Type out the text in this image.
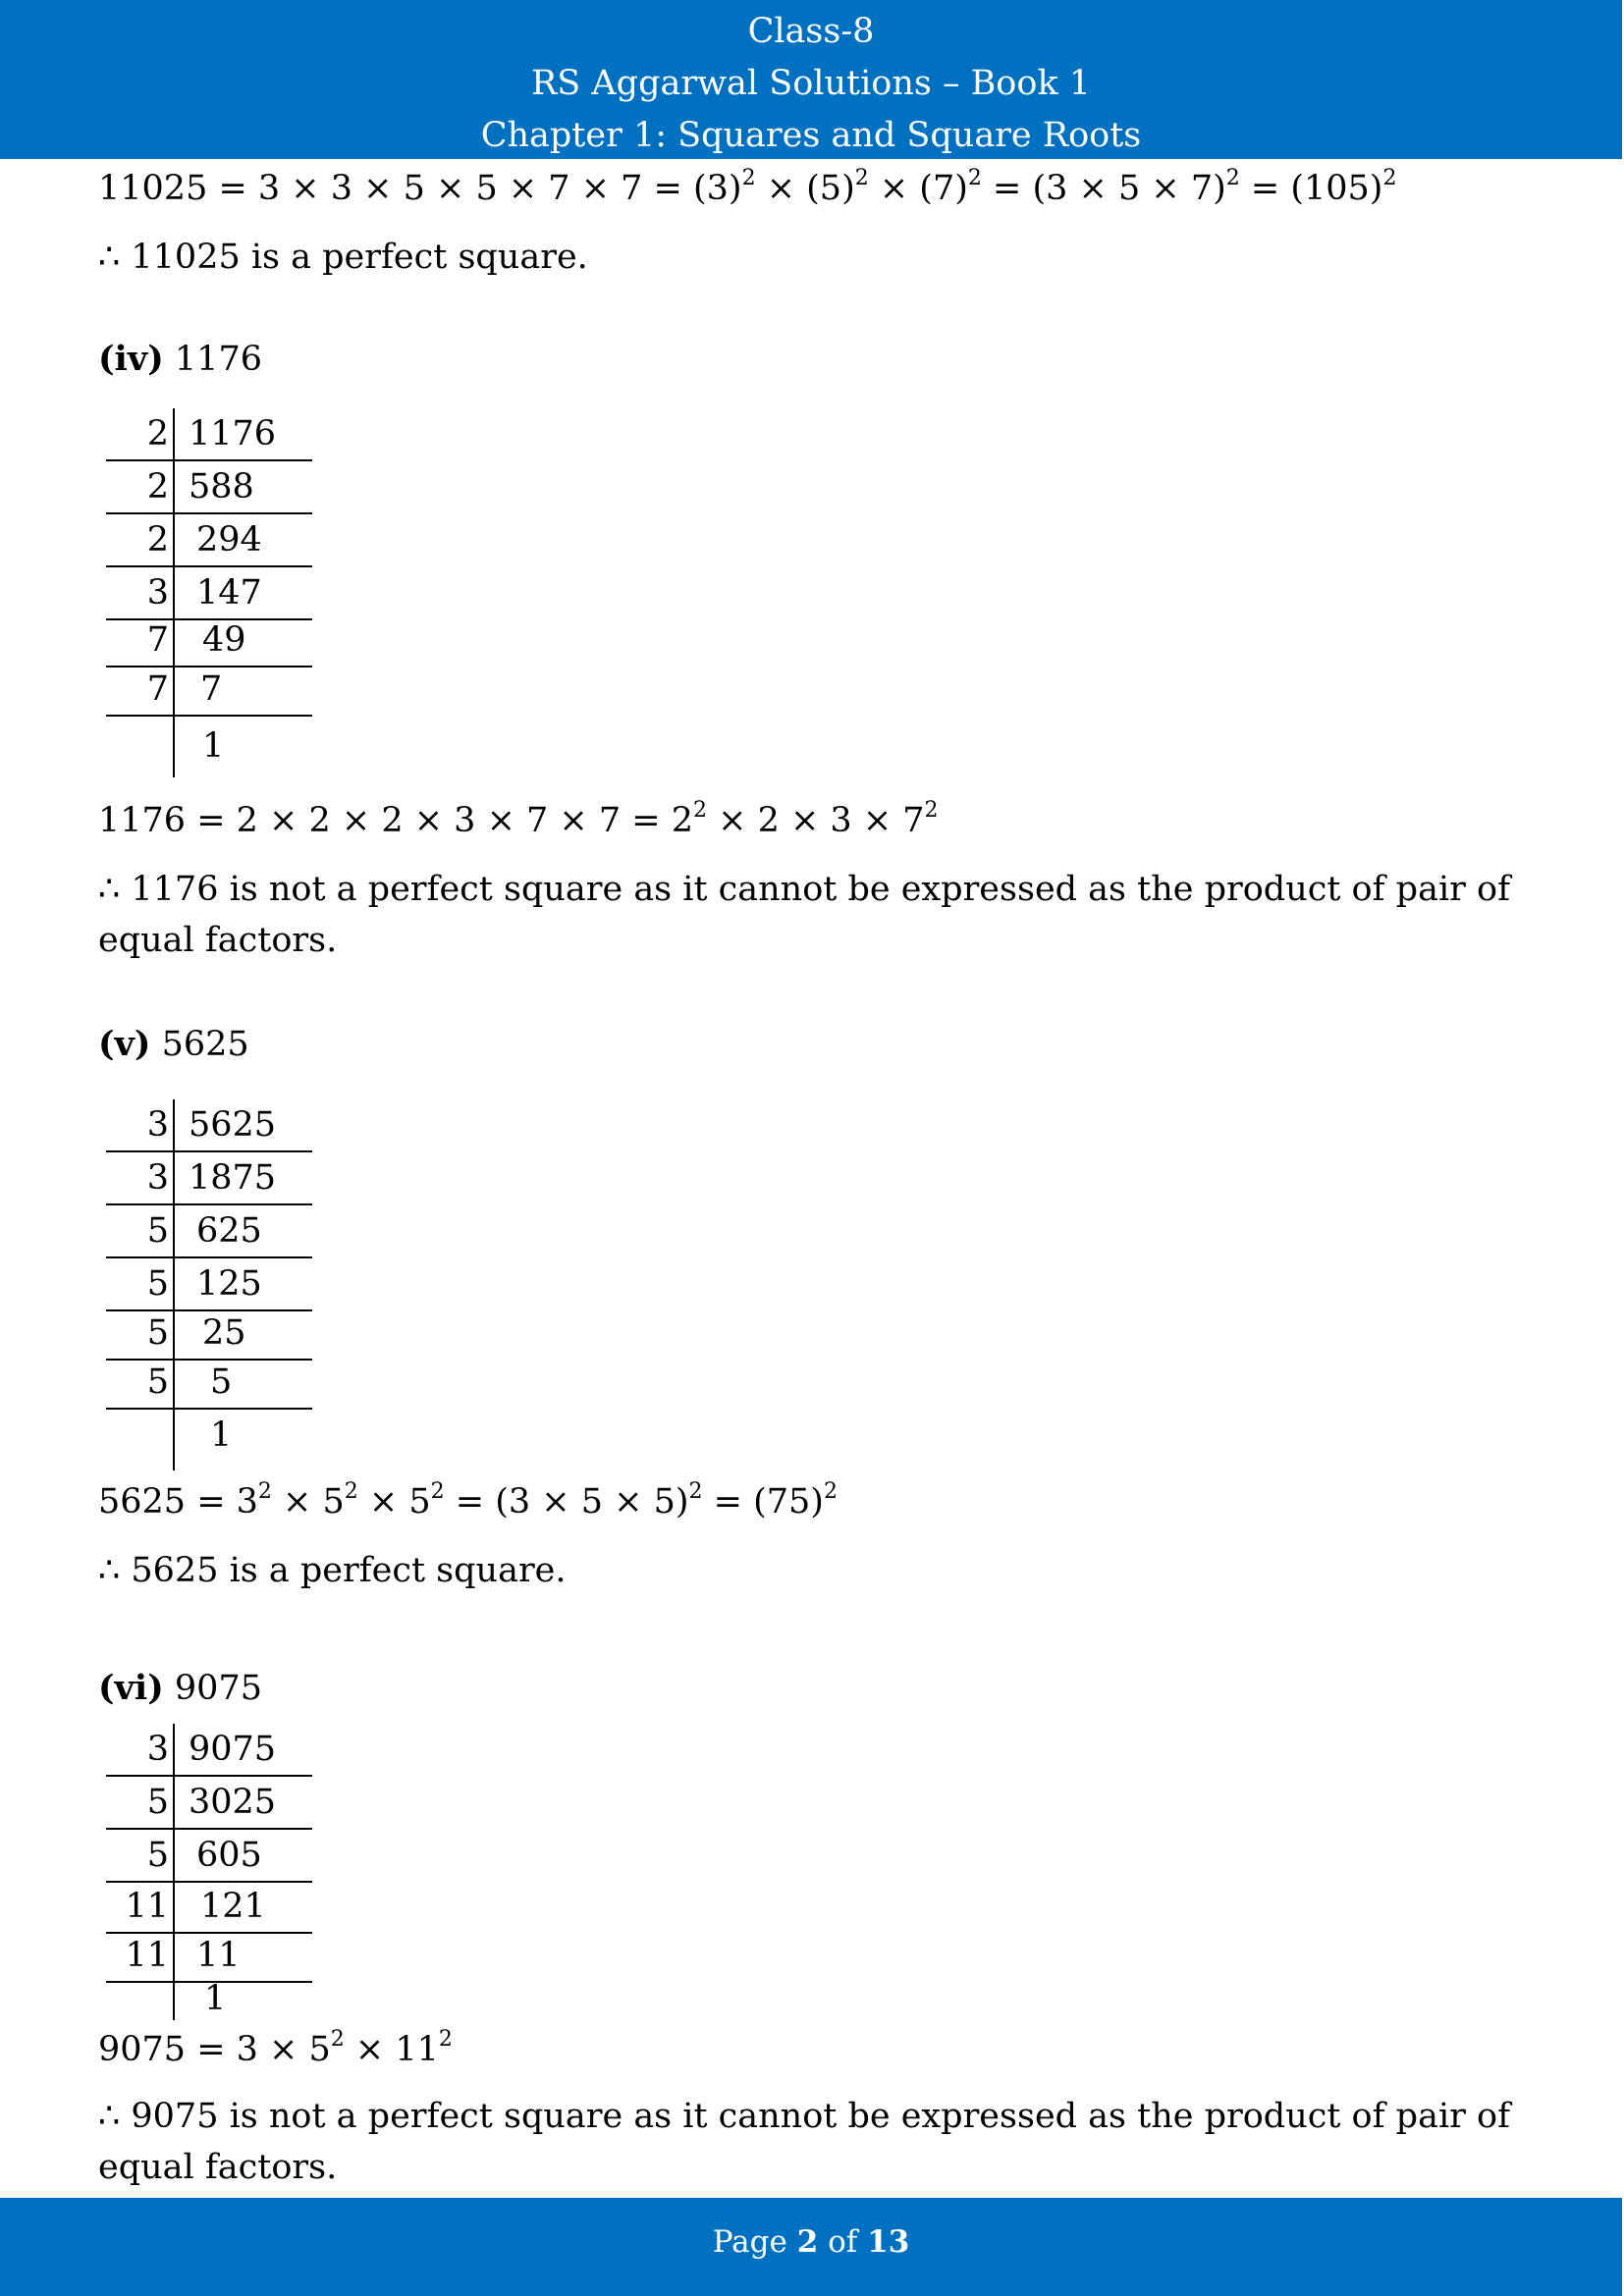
Class-8
RS Aggarwal Solutions – Book 1
Chapter 1: Squares and Square Roots
$11025 = 3 \times 3 \times 5 \times 5 \times 7 \times 7 = (3)^2 \times (5)^2 \times (7)^2 = (3 \times 5 \times 7)^2 = (105)^2$
∴ 11025 is a perfect square.
(iv) 1176
2 1176
2 588
2 294
3 147
7 49
7 7
1
$1176 = 2 \times 2 \times 2 \times 3 \times 7 \times 7 = 2^2 \times 2 \times 3 \times 7^2$
∴ 1176 is not a perfect square as it cannot be expressed as the product of pair of equal factors.
(v) 5625
3 5625
3 1875
5 625
5 125
5 25
5 5
1
$5625 = 3^2 \times 5^2 \times 5^2 = (3 \times 5 \times 5)^2 = (75)^2$
∴ 5625 is a perfect square.
(vi) 9075
3 9075
5 3025
5 605
11 121
11 11
1
$9075 = 3 \times 5^2 \times 11^2$
∴ 9075 is not a perfect square as it cannot be expressed as the product of pair of equal factors.
Page 2 of 13
